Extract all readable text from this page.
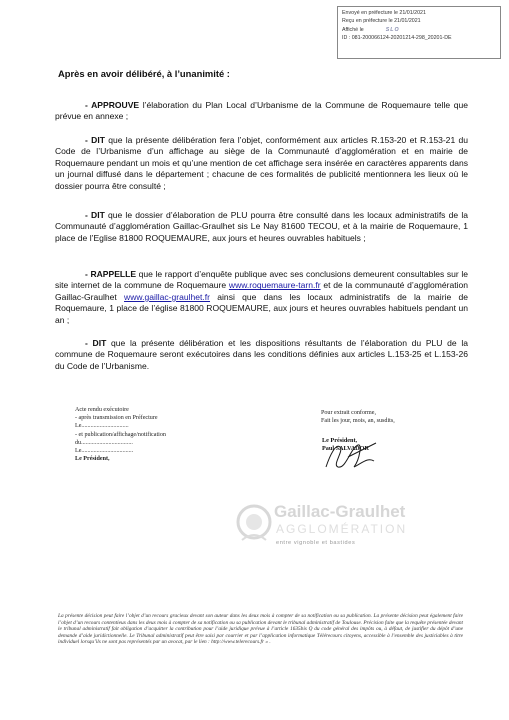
Envoyé en préfecture le 21/01/2021
Reçu en préfecture le 21/01/2021
Affiché le	SLO
ID : 081-200066124-20201214-298_20201-DE
Après en avoir délibéré, à l’unanimité :

- APPROUVE l’élaboration du Plan Local d’Urbanisme de la Commune de Roquemaure telle que prévue en annexe ;

- DIT que la présente délibération fera l’objet, conformément aux articles R.153-20 et R.153-21 du Code de l’Urbanisme d’un affichage au siège de la Communauté d’agglomération et en mairie de Roquemaure pendant un mois et qu’une mention de cet affichage sera insérée en caractères apparents dans un journal diffusé dans le département ; chacune de ces formalités de publicité mentionnera les lieux où le dossier pourra être consulté ;

- DIT que le dossier d’élaboration de PLU pourra être consulté dans les locaux administratifs de la Communauté d’agglomération Gaillac-Graulhet sis Le Nay 81600 TECOU, et à la mairie de Roquemaure, 1 place de l’Eglise 81800 ROQUEMAURE, aux jours et heures ouvrables habituels ;

- RAPPELLE que le rapport d’enquête publique avec ses conclusions demeurent consultables sur le site internet de la commune de Roquemaure www.roquemaure-tarn.fr et de la communauté d’agglomération Gaillac-Graulhet www.gaillac-graulhet.fr ainsi que dans les locaux administratifs de la mairie de Roquemaure, 1 place de l’église 81800 ROQUEMAURE, aux jours et heures ouvrables habituels pendant un an ;

- DIT que la présente délibération et les dispositions résultants de l’élaboration du PLU de la commune de Roquemaure seront exécutoires dans les conditions définies aux articles L.153-25 et L.153-26 du Code de l’Urbanisme.

Acte rendu exécutoire
- après transmission en Préfecture
Le...............................
- et publication/affichage/notification
du..................................
Le..................................
Le Président,
Pour extrait conforme,
Fait les jour, mois, an, susdits,
Le Président,
Paul SALVADOR
Gaillac-Graulhet
AGGLOMÉRATION
entre vignoble et bastides
La présente décision peut faire l’objet d’un recours gracieux devant son auteur dans les deux mois à compter de sa notification ou sa publication. La présente décision peut également faire l’objet d’un recours contentieux dans les deux mois à compter de sa notification ou sa publication devant le tribunal administratif de Toulouse. Précision faite que la requête présentée devant le tribunal administratif fait obligation d’acquitter la contribution pour l’aide juridique prévue à l’article 1635bis Q du code général des impôts ou, à défaut, de justifier du dépôt d’une demande d’aide juridictionnelle. Le Tribunal administratif peut être saisi par courrier et par l’application informatique Télérecours citoyens, accessible à l’ensemble des justiciables à titre individuel lorsqu’ils ne sont pas représentés par un avocat, par le lien : http://www.telerecours.fr » .
